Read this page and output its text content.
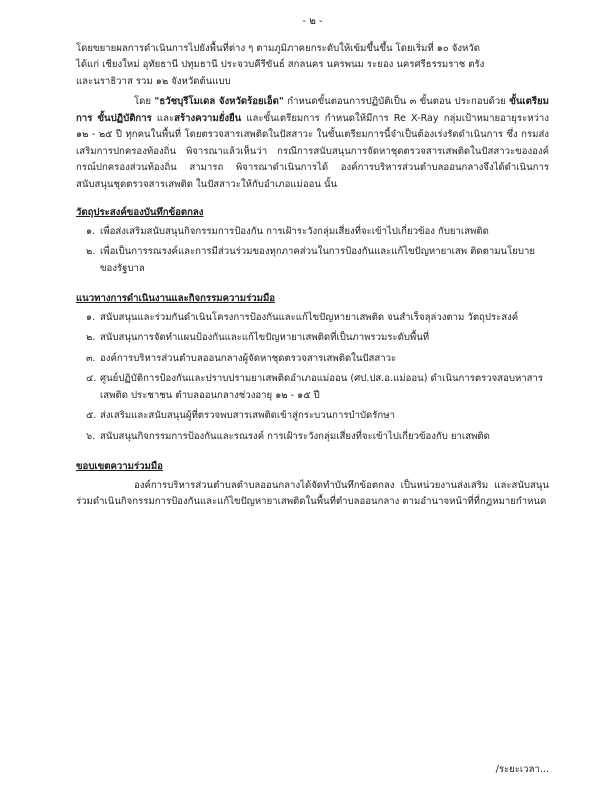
- ๒ -

โดยขยายผลการดำเนินการไปยังพื้นที่ต่าง ๆ ตามภูมิภาคยกระดับให้เข้มขึ้นขึ้น โดยเริ่มที่ ๑๐ จังหวัด

ได้แก่ เชียงใหม่ อุทัยธานี ปทุมธานี ประจวบคีรีขันธ์ สกลนคร นครพนม ระยอง นครศรีธรรมราช ตรัง

และนราธิวาส รวม ๑๒ จังหวัดต้นแบบ

โดย "ธวัชบุรีโมเดล จังหวัดร้อยเอ็ด" กำหนดขั้นตอนการปฏิบัติเป็น ๓ ขั้นตอน ประกอบด้วย ขั้นเตรียมการ ขั้นปฏิบัติการ และสร้างความยั่งยืน และขั้นเตรียมการ กำหนดให้มีการ Re X-Ray กลุ่มเป้าหมายอายุระหว่าง ๑๒ - ๒๕ ปี ทุกคนในพื้นที่ โดยตรวจสารเสพติดในปัสสาวะ ในขั้นเตรียมการนี้จำเป็นต้องเร่งรัดดำเนินการ ซึ่ง กรมส่งเสริมการปกครองท้องถิ่น พิจารณาแล้วเห็นว่า กรณีการสนับสนุนการจัดหาชุดตรวจสารเสพติดในปัสสาวะขององค์กรณ์ปกครองส่วนท้องถิ่น สามารถ พิจารณาดำเนินการได้ องค์การบริหารส่วนตำบลออนกลางจึงได้ดำเนินการสนับสนุนชุดตรวจสารเสพติด ในปัสสาวะให้กับอำเภอแม่ออน นั้น

วัตถุประสงค์ของบันทึกข้อตกลง
๑. เพื่อส่งเสริมสนับสนุนกิจกรรมการป้องกัน การเฝ้าระวังกลุ่มเสี่ยงที่จะเข้าไปเกี่ยวข้อง กับยาเสพติด
๒. เพื่อเป็นการรณรงค์และการมีส่วนร่วมของทุกภาคส่วนในการป้องกันและแก้ไขปัญหายาเสพ ติดตามนโยบายของรัฐบาล
แนวทางการดำเนินงานและกิจกรรมความร่วมมือ
๑. สนับสนุนและร่วมกันดำเนินโครงการป้องกันและแก้ไขปัญหายาเสพติด จนสำเร็จลุล่วงตาม วัตถุประสงค์
๒. สนับสนุนการจัดทำแผนป้องกันและแก้ไขปัญหายาเสพติดที่เป็นภาพรวมระดับพื้นที่
๓. องค์การบริหารส่วนตำบลออนกลางผู้จัดหาชุดตรวจสารเสพติดในปัสสาวะ
๔. ศูนย์ปฏิบัติการป้องกันและปราบปรามยาเสพติดอำเภอแม่ออน (ศป.ปส.อ.แม่ออน) ดำเนินการตรวจสอบหาสารเสพติด ประชาชน ตำบลออนกลางช่วงอายุ ๑๒ - ๑๕ ปี
๕. ส่งเสริมและสนับสนุนผู้ที่ตรวจพบสารเสพติดเข้าสู่กระบวนการบำบัดรักษา
๖. สนับสนุนกิจกรรมการป้องกันและรณรงค์ การเฝ้าระวังกลุ่มเสี่ยงที่จะเข้าไปเกี่ยวข้องกับ ยาเสพติด
ขอบเขตความร่วมมือ

องค์การบริหารส่วนตำบลตำบลออนกลางได้จัดทำบันทึกข้อตกลง เป็นหน่วยงานส่งเสริม และสนับสนุนร่วมดำเนินกิจกรรมการป้องกันและแก้ไขปัญหายาเสพติดในพื้นที่ตำบลออนกลาง ตามอำนาจหน้าที่ที่กฎหมายกำหนด

/ระยะเวลา...
